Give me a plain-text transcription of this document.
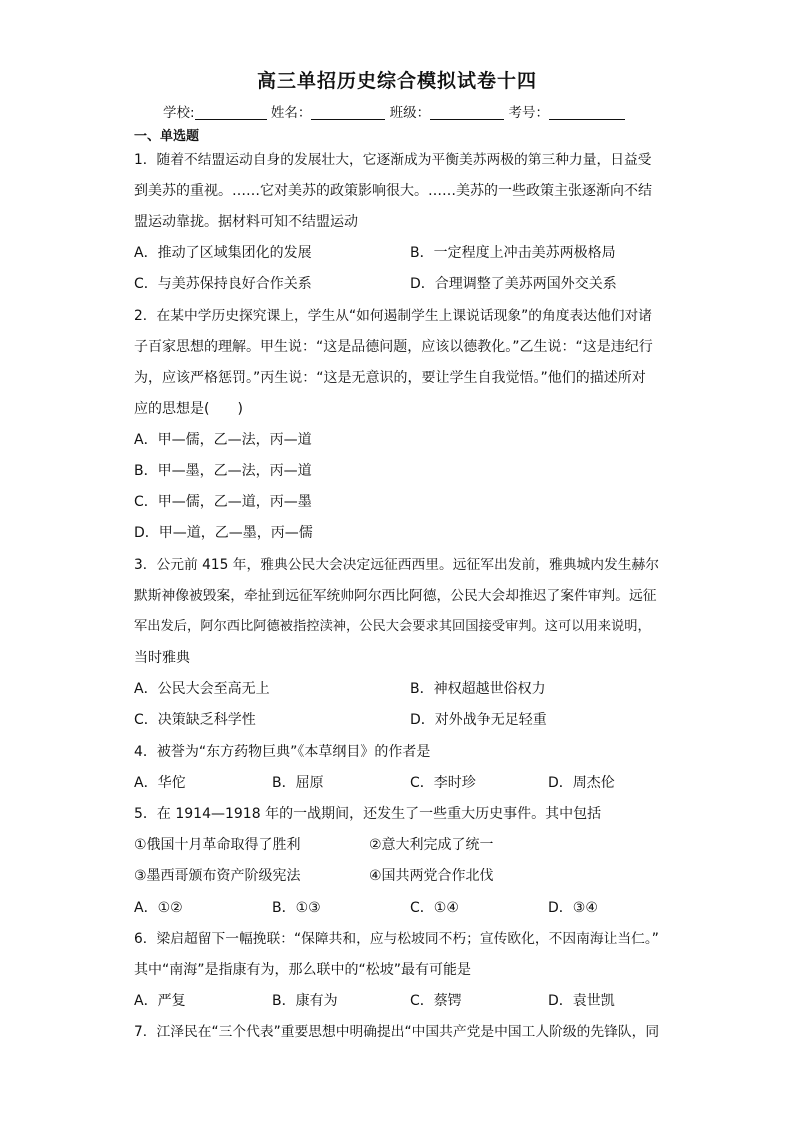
高三单招历史综合模拟试卷十四
学校:	姓名：	班级：	考号：
一、单选题
1．随着不结盟运动自身的发展壮大，它逐渐成为平衡美苏两极的第三种力量，日益受
到美苏的重视。……它对美苏的政策影响很大。……美苏的一些政策主张逐渐向不结
盟运动靠拢。据材料可知不结盟运动
A．推动了区域集团化的发展	B．一定程度上冲击美苏两极格局
C．与美苏保持良好合作关系	D．合理调整了美苏两国外交关系
2．在某中学历史探究课上，学生从“如何遏制学生上课说话现象”的角度表达他们对诸
子百家思想的理解。甲生说：“这是品德问题，应该以德教化。”乙生说：“这是违纪行
为，应该严格惩罚。”丙生说：“这是无意识的，要让学生自我觉悟。”他们的描述所对
应的思想是(　　)
A．甲—儒，乙—法，丙—道
B．甲—墨，乙—法，丙—道
C．甲—儒，乙—道，丙—墨
D．甲—道，乙—墨，丙—儒
3．公元前 415 年，雅典公民大会决定远征西西里。远征军出发前，雅典城内发生赫尔
默斯神像被毁案，牵扯到远征军统帅阿尔西比阿德，公民大会却推迟了案件审判。远征
军出发后，阿尔西比阿德被指控渎神，公民大会要求其回国接受审判。这可以用来说明，
当时雅典
A．公民大会至高无上	B．神权超越世俗权力
C．决策缺乏科学性	D．对外战争无足轻重
4．被誉为“东方药物巨典”《本草纲目》的作者是
A．华佗	B．屈原	C．李时珍	D．周杰伦
5．在 1914—1918 年的一战期间，还发生了一些重大历史事件。其中包括
①俄国十月革命取得了胜利	②意大利完成了统一
③墨西哥颁布资产阶级宪法	④国共两党合作北伐
A．①②	B．①③	C．①④	D．③④
6．梁启超留下一幅挽联：“保障共和，应与松坡同不朽；宣传欧化，不因南海让当仁。”
其中“南海”是指康有为，那么联中的“松坡”最有可能是
A．严复	B．康有为	C．蔡锷	D．袁世凯
7．江泽民在“三个代表”重要思想中明确提出“中国共产党是中国工人阶级的先锋队，同
